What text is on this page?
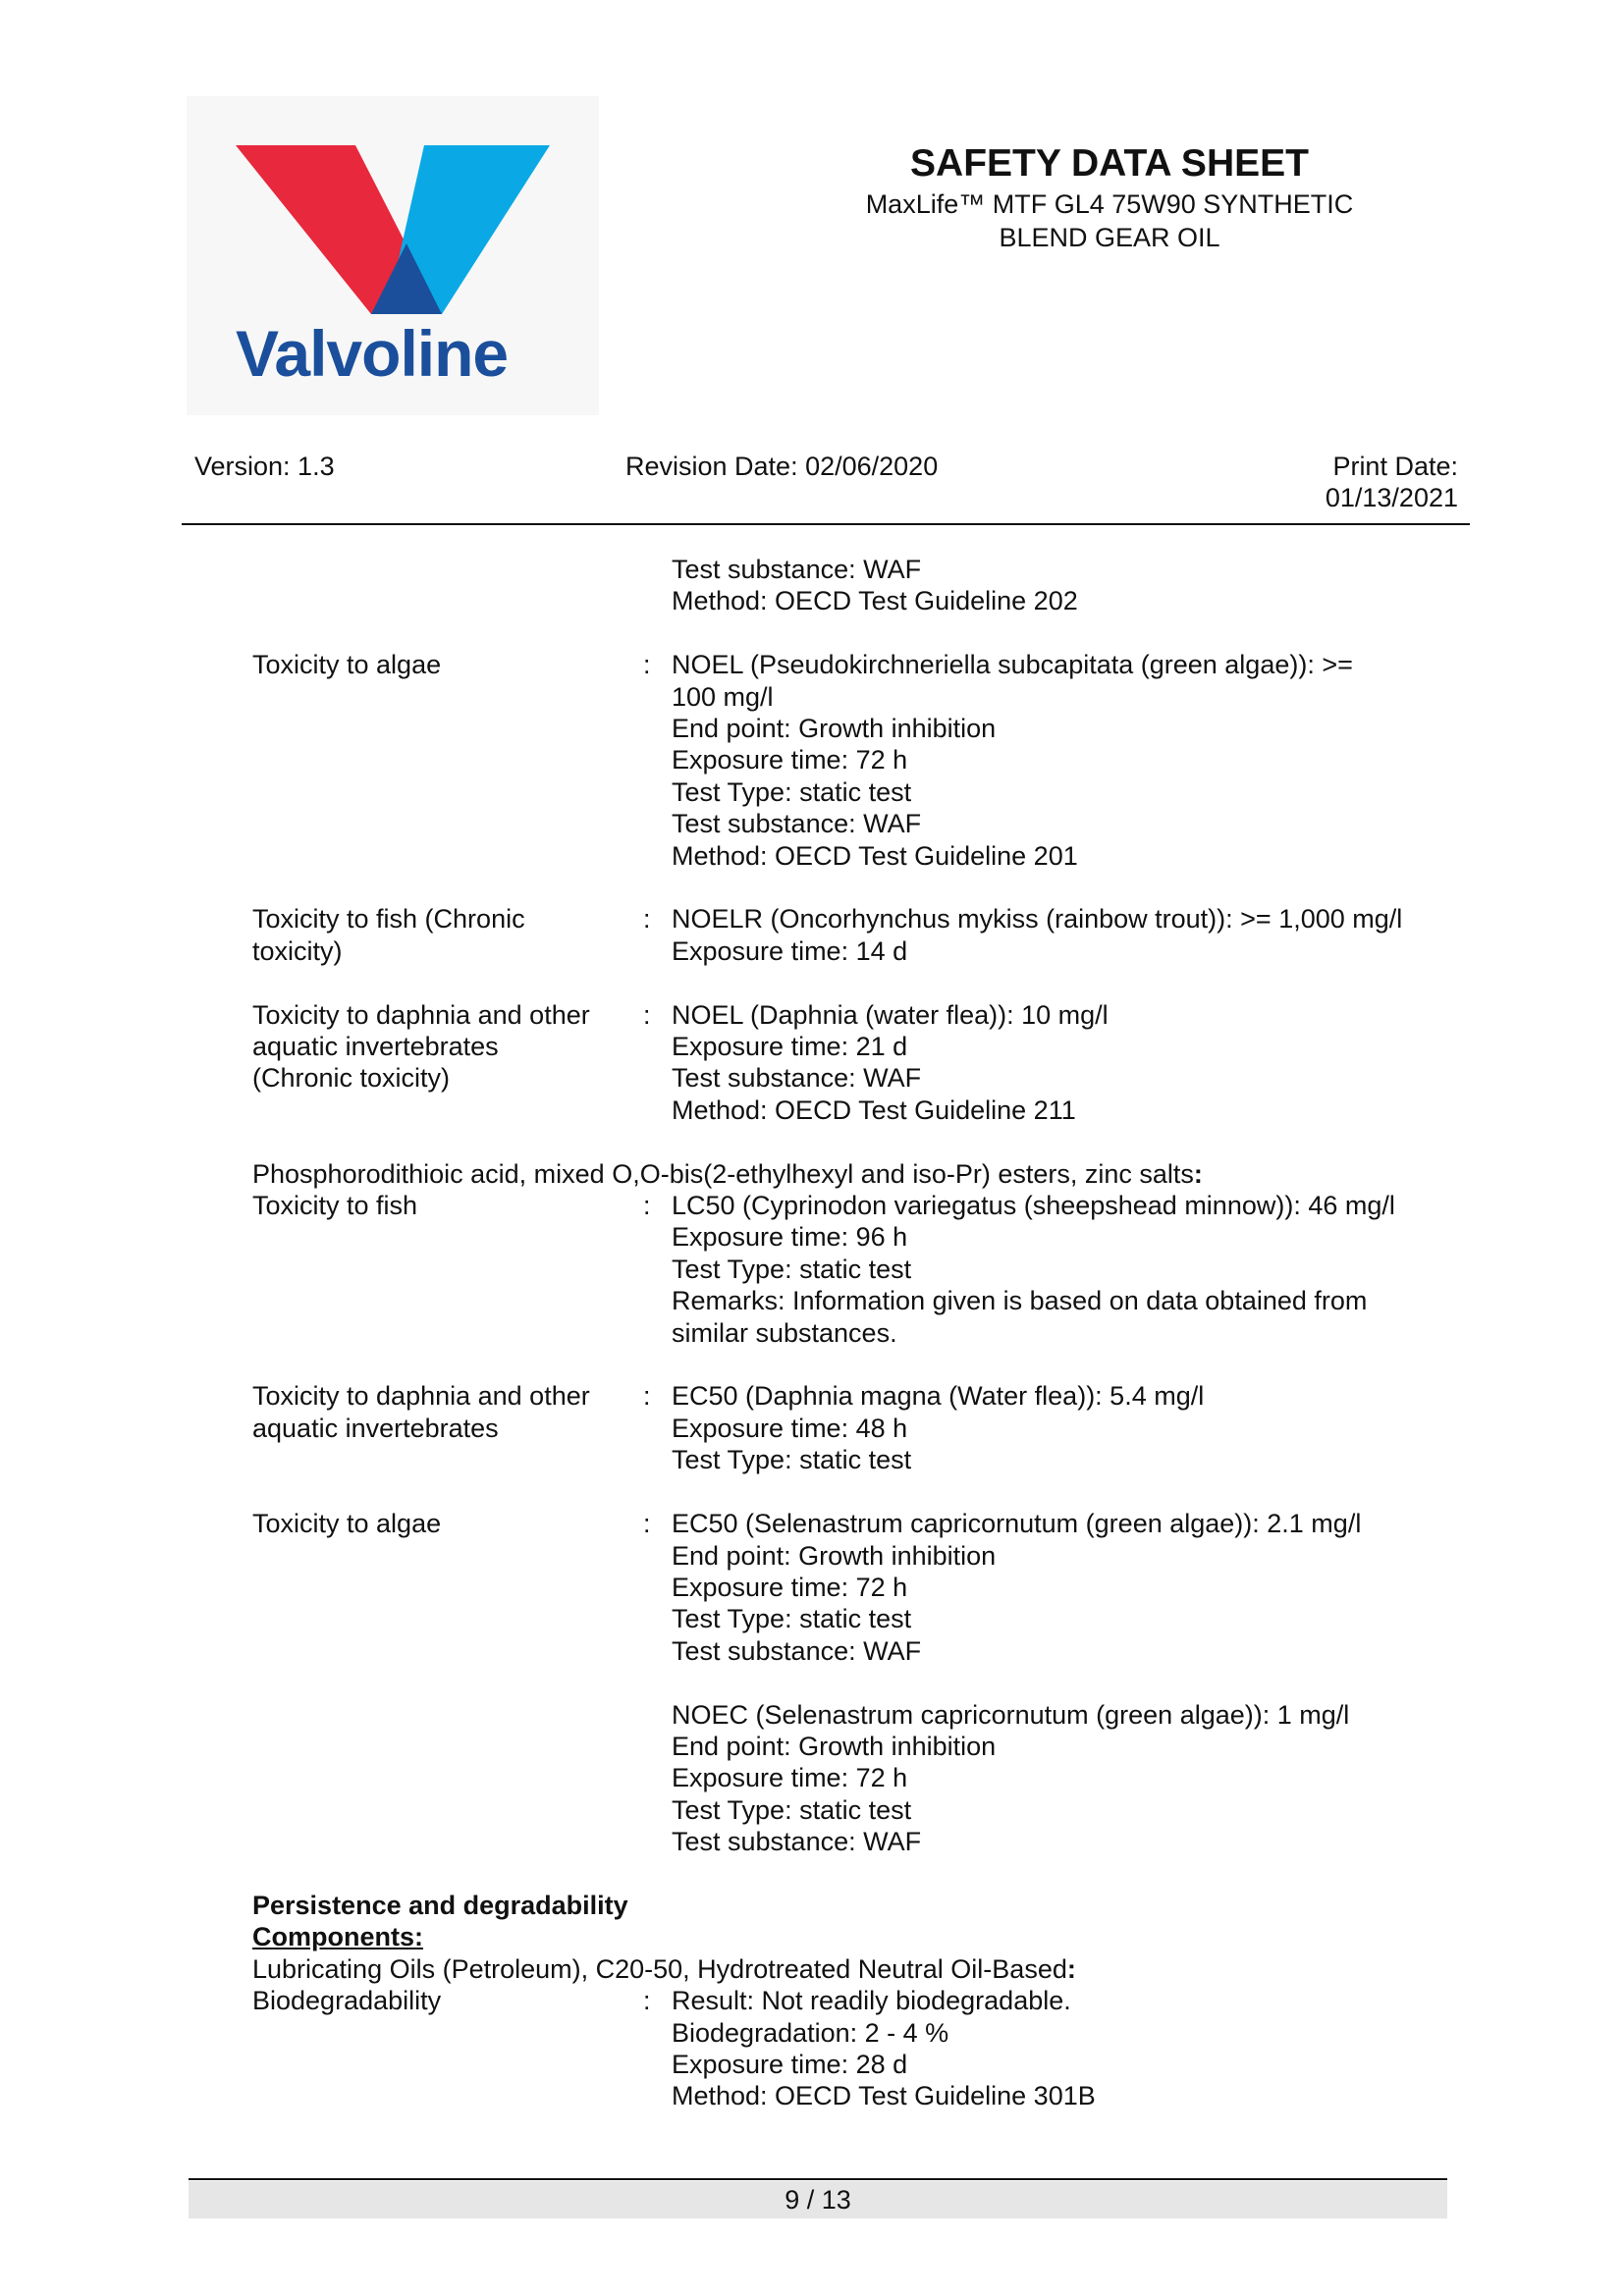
Valvoline
SAFETY DATA SHEET
MaxLife™ MTF GL4 75W90 SYNTHETIC
BLEND GEAR OIL
Version: 1.3	Revision Date: 02/06/2020	Print Date:
01/13/2021

Test substance: WAF

Method: OECD Test Guideline 202

Toxicity to algae	: NOEL (Pseudokirchneriella subcapitata (green algae)): >=

100 mg/l

End point: Growth inhibition

Exposure time: 72 h

Test Type: static test

Test substance: WAF

Method: OECD Test Guideline 201

Toxicity to fish (Chronic
toxicity)
: NOELR (Oncorhynchus mykiss (rainbow trout)): >= 1,000 mg/l

Exposure time: 14 d

Toxicity to daphnia and other
aquatic invertebrates
(Chronic toxicity)
: NOEL (Daphnia (water flea)): 10 mg/l

Exposure time: 21 d

Test substance: WAF

Method: OECD Test Guideline 211

Phosphorodithioic acid, mixed O,O-bis(2-ethylhexyl and iso-Pr) esters, zinc salts:
Toxicity to fish	: LC50 (Cyprinodon variegatus (sheepshead minnow)): 46 mg/l

Exposure time: 96 h

Test Type: static test

Remarks: Information given is based on data obtained from

similar substances.

Toxicity to daphnia and other
aquatic invertebrates
: EC50 (Daphnia magna (Water flea)): 5.4 mg/l

Exposure time: 48 h

Test Type: static test

Toxicity to algae	: EC50 (Selenastrum capricornutum (green algae)): 2.1 mg/l

End point: Growth inhibition

Exposure time: 72 h

Test Type: static test

Test substance: WAF

NOEC (Selenastrum capricornutum (green algae)): 1 mg/l

End point: Growth inhibition

Exposure time: 72 h

Test Type: static test

Test substance: WAF

Persistence and degradability
Components:
Lubricating Oils (Petroleum), C20-50, Hydrotreated Neutral Oil-Based:
Biodegradability	: Result: Not readily biodegradable.

Biodegradation: 2 - 4 %

Exposure time: 28 d

Method: OECD Test Guideline 301B

9 / 13
